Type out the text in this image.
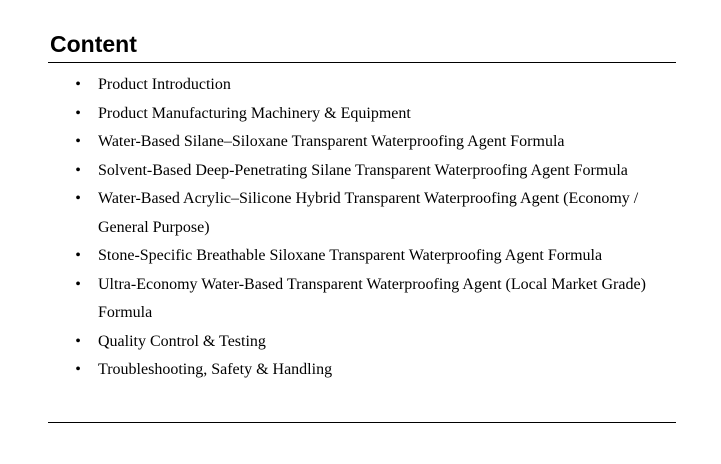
Content
• Product Introduction
• Product Manufacturing Machinery & Equipment
• Water-Based Silane–Siloxane Transparent Waterproofing Agent Formula
• Solvent-Based Deep-Penetrating Silane Transparent Waterproofing Agent Formula
• Water-Based Acrylic–Silicone Hybrid Transparent Waterproofing Agent (Economy / General Purpose)
• Stone-Specific Breathable Siloxane Transparent Waterproofing Agent Formula
• Ultra-Economy Water-Based Transparent Waterproofing Agent (Local Market Grade) Formula
• Quality Control & Testing
• Troubleshooting, Safety & Handling
